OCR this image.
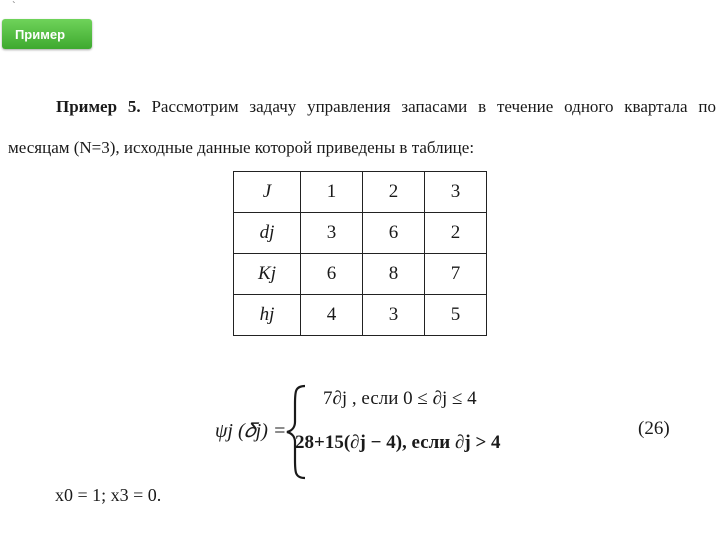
`
Пример
Пример 5. Рассмотрим задачу управления запасами в течение одного квартала по
месяцам (N=3), исходные данные которой приведены в таблице:
J	1	2	3
dj	3	6	2
Kj	6	8	7
hj	4	3	5
ψj (𝛿j) =
7∂j , если 0 ≤ ∂j ≤ 4
28+15(∂j − 4), если ∂j > 4
(26)
x0 = 1; x3 = 0.
